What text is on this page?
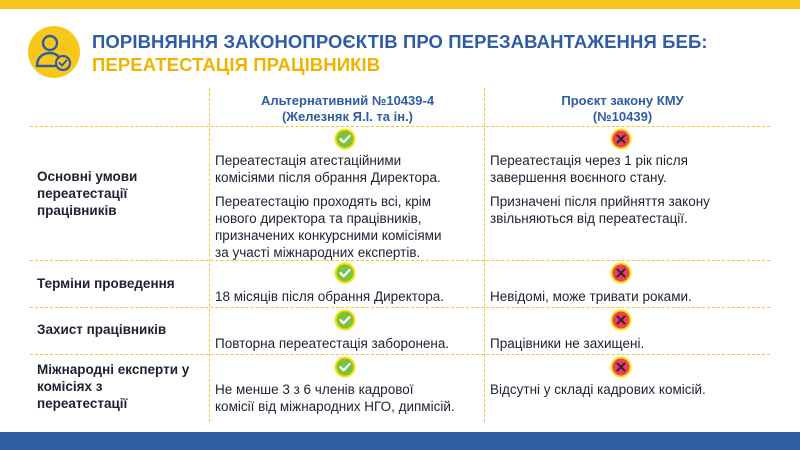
ПОРІВНЯННЯ ЗАКОНОПРОЄКТІВ ПРО ПЕРЕЗАВАНТАЖЕННЯ БЕБ:
ПЕРЕАТЕСТАЦІЯ ПРАЦІВНИКІВ
Альтернативний №10439-4
(Железняк Я.І. та ін.)
Проєкт закону КМУ
(№10439)
Основні умови
переатестації
працівників
Переатестація атестаційними
комісіями після обрання Директора.
Переатестацію проходять всі, крім
нового директора та працівників,
призначених конкурсними комісіями
за участі міжнародних експертів.
Переатестація через 1 рік після
завершення воєнного стану.
Призначені після прийняття закону
звільняються від переатестації.
Терміни проведення
18 місяців після обрання Директора.	Невідомі, може тривати роками.
Захист працівників
Повторна переатестація заборонена.	Працівники не захищені.
Міжнародні експерти у
комісіях з
переатестації
Не менше 3 з 6 членів кадрової
комісії від міжнародних НГО, дипмісій.
Відсутні у складі кадрових комісій.
